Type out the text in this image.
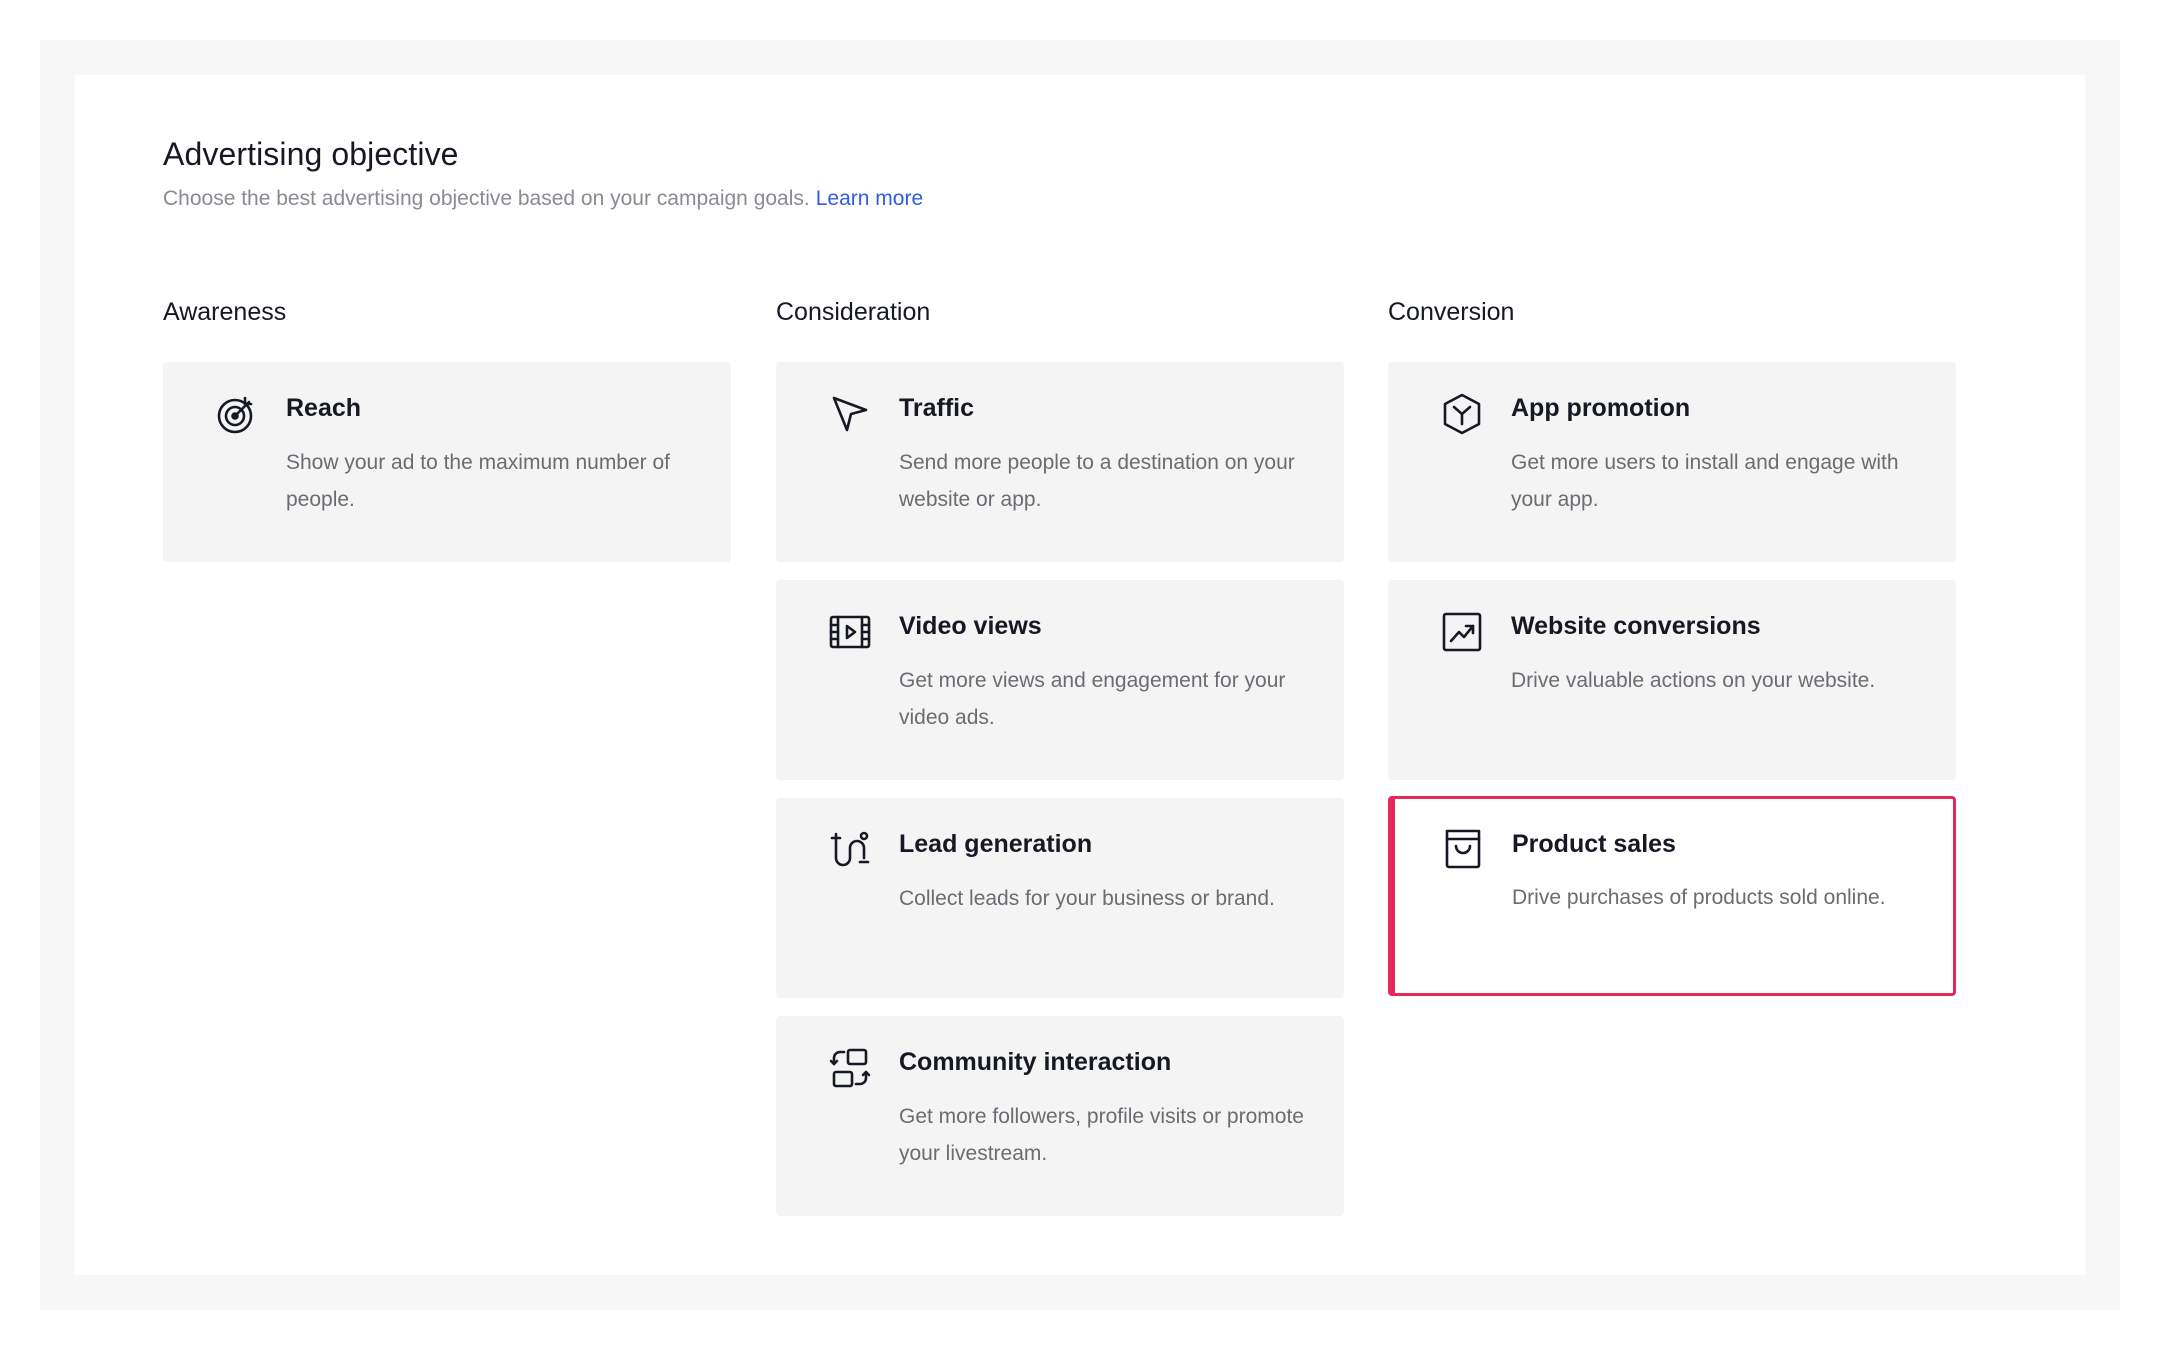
Advertising objective
Choose the best advertising objective based on your campaign goals. Learn more
Awareness	Consideration	Conversion
Reach
Show your ad to the maximum number of people.
Traffic
Send more people to a destination on your website or app.
Video views
Get more views and engagement for your video ads.
Lead generation
Collect leads for your business or brand.
Community interaction
Get more followers, profile visits or promote your livestream.
App promotion
Get more users to install and engage with your app.
Website conversions
Drive valuable actions on your website.
Product sales
Drive purchases of products sold online.
